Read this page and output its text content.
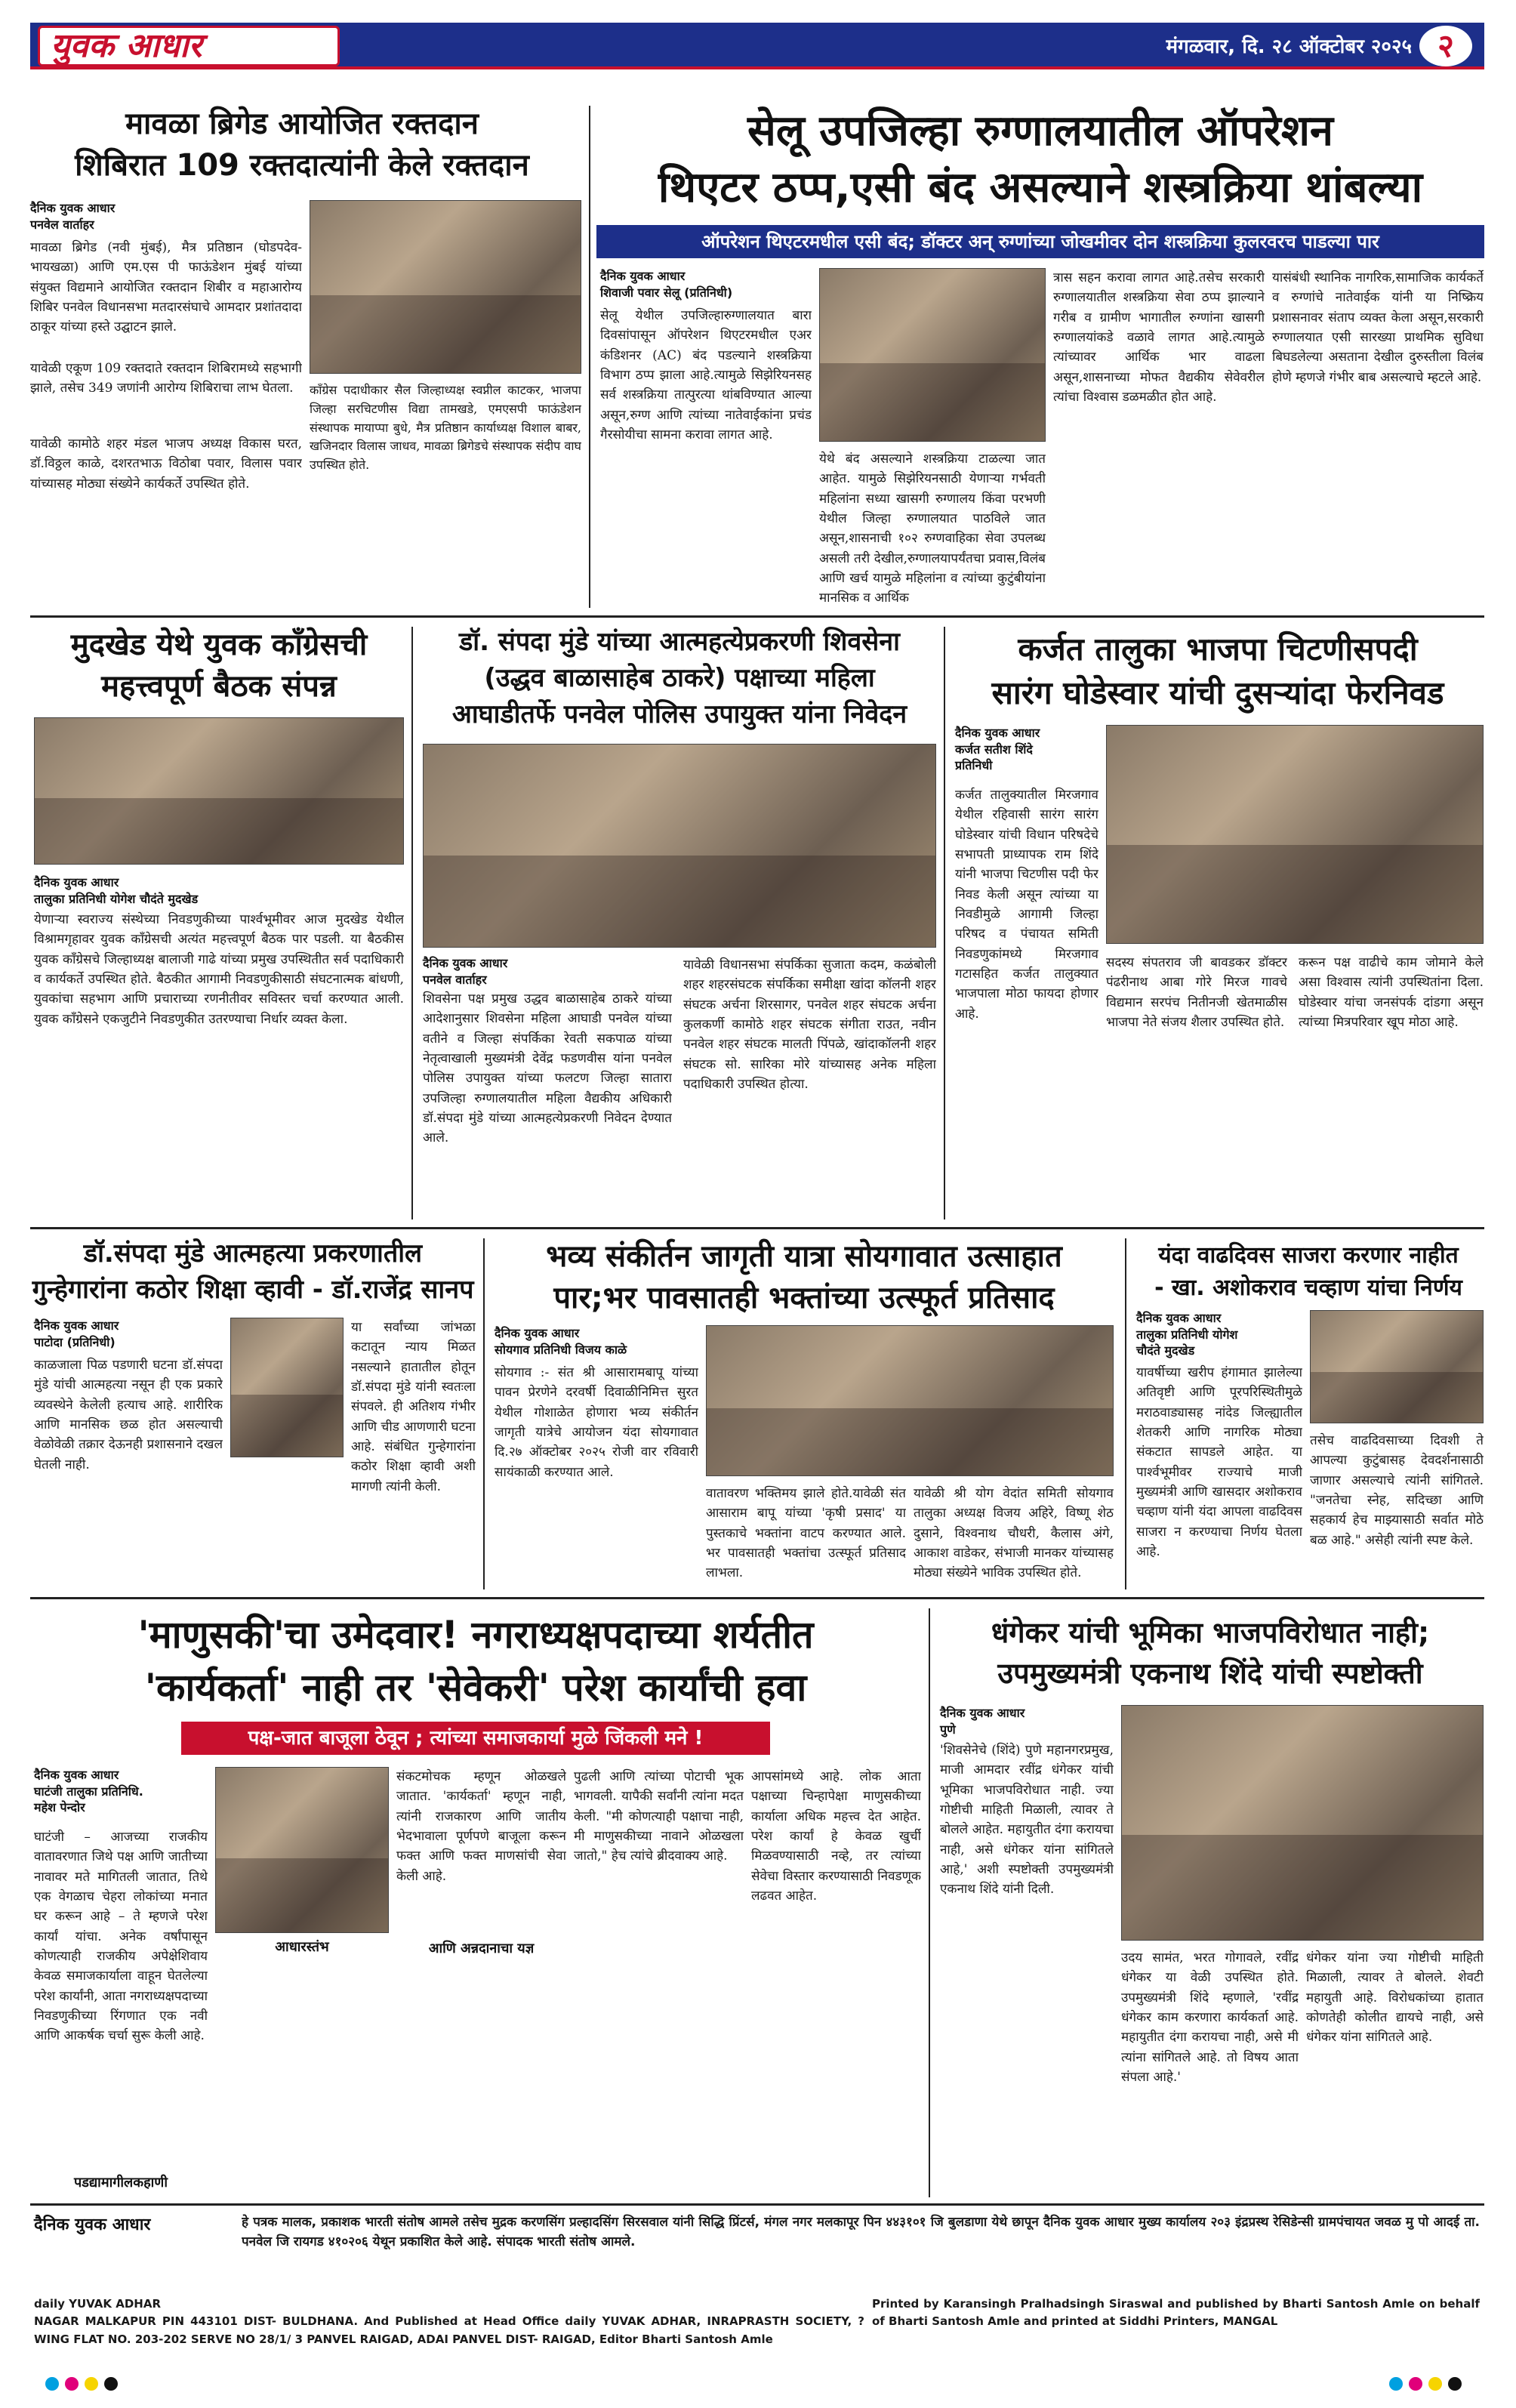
युवक आधार	मंगळवार, दि. २८ ऑक्टोबर २०२५ २
मावळा ब्रिगेड आयोजित रक्तदान
शिबिरात 109 रक्तदात्यांनी केले रक्तदान
दैनिक युवक आधार
पनवेल वार्ताहर
मावळा ब्रिगेड (नवी मुंबई), मैत्र प्रतिष्ठान (घोडपदेव-भायखळा) आणि एम.एस पी फाऊंडेशन मुंबई यांच्या संयुक्त विद्यमाने आयोजित रक्तदान शिबीर व महाआरोग्य शिबिर पनवेल विधानसभा मतदारसंघाचे आमदार प्रशांतदादा ठाकूर यांच्या हस्ते उद्घाटन झाले.
यावेळी एकूण 109 रक्तदाते रक्तदान शिबिरामध्ये सहभागी झाले, तसेच 349 जणांनी आरोग्य शिबिराचा लाभ घेतला.
यावेळी कामोठे शहर मंडल भाजप अध्यक्ष विकास घरत, डॉ.विठ्ठल काळे, दशरतभाऊ विठोबा पवार, विलास पवार यांच्यासह मोठ्या संख्येने कार्यकर्ते उपस्थित होते.
कॉंग्रेस पदाधीकार सैल जिल्हाध्यक्ष स्वप्नील काटकर, भाजपा जिल्हा सरचिटणीस विद्या तामखडे, एमएसपी फाऊंडेशन संस्थापक मायाप्पा बुधे, मैत्र प्रतिष्ठान कार्याध्यक्ष विशाल बाबर, खजिनदार विलास जाधव, मावळा ब्रिगेडचे संस्थापक संदीप वाघ उपस्थित होते.
सेलू उपजिल्हा रुग्णालयातील ऑपरेशन
थिएटर ठप्प,एसी बंद असल्याने शस्त्रक्रिया थांबल्या
ऑपरेशन थिएटरमधील एसी बंद; डॉक्टर अन् रुग्णांच्या जोखमीवर दोन शस्त्रक्रिया कुलरवरच पाडल्या पार
दैनिक युवक आधार
शिवाजी पवार सेलू (प्रतिनिधी)
सेलू येथील उपजिल्हारुग्णालयात बारा दिवसांपासून ऑपरेशन थिएटरमधील एअर कंडिशनर (AC) बंद पडल्याने शस्त्रक्रिया विभाग ठप्प झाला आहे.त्यामुळे सिझेरियनसह सर्व शस्त्रक्रिया तात्पुरत्या थांबविण्यात आल्या असून,रुग्ण आणि त्यांच्या नातेवाईकांना प्रचंड गैरसोयीचा सामना करावा लागत आहे.
येथे बंद असल्याने शस्त्रक्रिया टाळल्या जात आहेत. यामुळे सिझेरियनसाठी येणाऱ्या गर्भवती महिलांना सध्या खासगी रुग्णालय किंवा परभणी येथील जिल्हा रुग्णालयात पाठविले जात असून,शासनाची १०२ रुग्णवाहिका सेवा उपलब्ध असली तरी देखील,रुग्णालयापर्यंतचा प्रवास,विलंब आणि खर्च यामुळे महिलांना व त्यांच्या कुटुंबीयांना मानसिक व आर्थिक
त्रास सहन करावा लागत आहे.तसेच सरकारी रुग्णालयातील शस्त्रक्रिया सेवा ठप्प झाल्याने गरीब व ग्रामीण भागातील रुग्णांना खासगी रुग्णालयांकडे वळावे लागत आहे.त्यामुळे त्यांच्यावर आर्थिक भार वाढला असून,शासनाच्या मोफत वैद्यकीय सेवेवरील त्यांचा विश्वास डळमळीत होत आहे.
यासंबंधी स्थानिक नागरिक,सामाजिक कार्यकर्ते व रुग्णांचे नातेवाईक यांनी या निष्क्रिय प्रशासनावर संताप व्यक्त केला असून,सरकारी रुग्णालयात एसी सारख्या प्राथमिक सुविधा बिघडलेल्या असताना देखील दुरुस्तीला विलंब होणे म्हणजे गंभीर बाब असल्याचे म्हटले आहे.
मुदखेड येथे युवक कॉंग्रेसची
महत्त्वपूर्ण बैठक संपन्न
दैनिक युवक आधार
तालुका प्रतिनिधी योगेश चौदंते मुदखेड
येणाऱ्या स्वराज्य संस्थेच्या निवडणुकीच्या पार्श्वभूमीवर आज मुदखेड येथील विश्रामगृहावर युवक कॉंग्रेसची अत्यंत महत्त्वपूर्ण बैठक पार पडली. या बैठकीस युवक कॉंग्रेसचे जिल्हाध्यक्ष बालाजी गाढे यांच्या प्रमुख उपस्थितीत सर्व पदाधिकारी व कार्यकर्ते उपस्थित होते. बैठकीत आगामी निवडणुकीसाठी संघटनात्मक बांधणी, युवकांचा सहभाग आणि प्रचाराच्या रणनीतीवर सविस्तर चर्चा करण्यात आली. युवक कॉंग्रेसने एकजुटीने निवडणुकीत उतरण्याचा निर्धार व्यक्त केला.
डॉ. संपदा मुंडे यांच्या आत्महत्येप्रकरणी शिवसेना
(उद्धव बाळासाहेब ठाकरे) पक्षाच्या महिला
आघाडीतर्फे पनवेल पोलिस उपायुक्त यांना निवेदन
दैनिक युवक आधार
पनवेल वार्ताहर
शिवसेना पक्ष प्रमुख उद्धव बाळासाहेब ठाकरे यांच्या आदेशानुसार शिवसेना महिला आघाडी पनवेल यांच्या वतीने व जिल्हा संपर्किका रेवती सकपाळ यांच्या नेतृत्वाखाली मुख्यमंत्री देवेंद्र फडणवीस यांना पनवेल पोलिस उपायुक्त यांच्या फलटण जिल्हा सातारा उपजिल्हा रुग्णालयातील महिला वैद्यकीय अधिकारी डॉ.संपदा मुंडे यांच्या आत्महत्येप्रकरणी निवेदन देण्यात आले.
यावेळी विधानसभा संपर्किका सुजाता कदम, कळंबोली शहर शहरसंघटक संपर्किका समीक्षा खांदा कॉलनी शहर संघटक अर्चना शिरसागर, पनवेल शहर संघटक अर्चना कुलकर्णी कामोठे शहर संघटक संगीता राउत, नवीन पनवेल शहर संघटक मालती पिंपळे, खांदाकॉलनी शहर संघटक सो. सारिका मोरे यांच्यासह अनेक महिला पदाधिकारी उपस्थित होत्या.
कर्जत तालुका भाजपा चिटणीसपदी
सारंग घोडेस्वार यांची दुसऱ्यांदा फेरनिवड
दैनिक युवक आधार
कर्जत सतीश शिंदे
प्रतिनिधी
कर्जत तालुक्यातील मिरजगाव येथील रहिवासी सारंग सारंग घोडेस्वार यांची विधान परिषदेचे सभापती प्राध्यापक राम शिंदे यांनी भाजपा चिटणीस पदी फेर निवड केली असून त्यांच्या या निवडीमुळे आगामी जिल्हा परिषद व पंचायत समिती निवडणुकांमध्ये मिरजगाव गटासहित कर्जत तालुक्यात भाजपाला मोठा फायदा होणार आहे.
सदस्य संपतराव जी बावडकर डॉक्टर पंढरीनाथ आबा गोरे मिरज गावचे विद्यमान सरपंच नितीनजी खेतमाळीस भाजपा नेते संजय शैलार उपस्थित होते.
करून पक्ष वाढीचे काम जोमाने केले असा विश्वास त्यांनी उपस्थितांना दिला. घोडेस्वार यांचा जनसंपर्क दांडगा असून त्यांच्या मित्रपरिवार खूप मोठा आहे.
डॉ.संपदा मुंडे आत्महत्या प्रकरणातील
गुन्हेगारांना कठोर शिक्षा व्हावी - डॉ.राजेंद्र सानप
दैनिक युवक आधार
पाटोदा (प्रतिनिधी)
काळजाला पिळ पडणारी घटना डॉ.संपदा मुंडे यांची आत्महत्या नसून ही एक प्रकारे व्यवस्थेने केलेली हत्याच आहे. शारीरिक आणि मानसिक छळ होत असल्याची वेळोवेळी तक्रार देऊनही प्रशासनाने दखल घेतली नाही.
या सर्वांच्या जांभळा कटातून न्याय मिळत नसल्याने हातातील होतून डॉ.संपदा मुंडे यांनी स्वतःला संपवले. ही अतिशय गंभीर आणि चीड आणणारी घटना आहे. संबंधित गुन्हेगारांना कठोर शिक्षा व्हावी अशी मागणी त्यांनी केली.
भव्य संकीर्तन जागृती यात्रा सोयगावात उत्साहात
पार;भर पावसातही भक्तांच्या उत्स्फूर्त प्रतिसाद
दैनिक युवक आधार
सोयगाव प्रतिनिधी विजय काळे
सोयगाव :- संत श्री आसारामबापू यांच्या पावन प्रेरणेने दरवर्षी दिवाळीनिमित्त सुरत येथील गोशाळेत होणारा भव्य संकीर्तन जागृती यात्रेचे आयोजन यंदा सोयगावात दि.२७ ऑक्टोबर २०२५ रोजी वार रविवारी सायंकाळी करण्यात आले.
वातावरण भक्तिमय झाले होते.यावेळी संत आसाराम बापू यांच्या 'कृषी प्रसाद' या पुस्तकाचे भक्तांना वाटप करण्यात आले. भर पावसातही भक्तांचा उत्स्फूर्त प्रतिसाद लाभला.
यावेळी श्री योग वेदांत समिती सोयगाव तालुका अध्यक्ष विजय अहिरे, विष्णू शेठ दुसाने, विश्वनाथ चौधरी, कैलास अंगे, आकाश वाडेकर, संभाजी मानकर यांच्यासह मोठ्या संख्येने भाविक उपस्थित होते.
यंदा वाढदिवस साजरा करणार नाहीत
- खा. अशोकराव चव्हाण यांचा निर्णय
दैनिक युवक आधार
तालुका प्रतिनिधी योगेश
चौदंते मुदखेड
यावर्षीच्या खरीप हंगामात झालेल्या अतिवृष्टी आणि पूरपरिस्थितीमुळे मराठवाड्यासह नांदेड जिल्ह्यातील शेतकरी आणि नागरिक मोठ्या संकटात सापडले आहेत. या पार्श्वभूमीवर राज्याचे माजी मुख्यमंत्री आणि खासदार अशोकराव चव्हाण यांनी यंदा आपला वाढदिवस साजरा न करण्याचा निर्णय घेतला आहे.
तसेच वाढदिवसाच्या दिवशी ते आपल्या कुटुंबासह देवदर्शनासाठी जाणार असल्याचे त्यांनी सांगितले. "जनतेचा स्नेह, सदिच्छा आणि सहकार्य हेच माझ्यासाठी सर्वात मोठे बळ आहे." असेही त्यांनी स्पष्ट केले.
'माणुसकी'चा उमेदवार! नगराध्यक्षपदाच्या शर्यतीत
'कार्यकर्ता' नाही तर 'सेवेकरी' परेश कार्यांची हवा
पक्ष-जात बाजूला ठेवून ; त्यांच्या समाजकार्या मुळे जिंकली मने !
दैनिक युवक आधार
घाटंजी तालुका प्रतिनिधि.
महेश पेन्दोर
घाटंजी – आजच्या राजकीय वातावरणात जिथे पक्ष आणि जातीच्या नावावर मते मागितली जातात, तिथे एक वेगळाच चेहरा लोकांच्या मनात घर करून आहे – ते म्हणजे परेश कार्यां यांचा. अनेक वर्षांपासून कोणत्याही राजकीय अपेक्षेशिवाय केवळ समाजकार्याला वाहून घेतलेल्या परेश कार्यांनी, आता नगराध्यक्षपदाच्या निवडणुकीच्या रिंगणात एक नवी आणि आकर्षक चर्चा सुरू केली आहे.
आधारस्तंभ
संकटमोचक म्हणून ओळखले जातात. 'कार्यकर्ता' म्हणून नाही, त्यांनी राजकारण आणि जातीय भेदभावाला पूर्णपणे बाजूला करून फक्त आणि फक्त माणसांची सेवा केली आहे.
आणि अन्नदानाचा यज्ञ
पुढली आणि त्यांच्या पोटाची भूक भागवली. यापैकी सर्वांनी त्यांना मदत केली. "मी कोणत्याही पक्षाचा नाही, मी माणुसकीच्या नावाने ओळखला जातो," हेच त्यांचे ब्रीदवाक्य आहे.
आपसांमध्ये आहे. लोक आता पक्षाच्या चिन्हापेक्षा माणुसकीच्या कार्याला अधिक महत्त्व देत आहेत. परेश कार्यां हे केवळ खुर्ची मिळवण्यासाठी नव्हे, तर त्यांच्या सेवेचा विस्तार करण्यासाठी निवडणूक लढवत आहेत.
पडद्यामागीलकहाणी
धंगेकर यांची भूमिका भाजपविरोधात नाही;
उपमुख्यमंत्री एकनाथ शिंदे यांची स्पष्टोक्ती
दैनिक युवक आधार
पुणे
'शिवसेनेचे (शिंदे) पुणे महानगरप्रमुख, माजी आमदार रवींद्र धंगेकर यांची भूमिका भाजपविरोधात नाही. ज्या गोष्टीची माहिती मिळाली, त्यावर ते बोलले आहेत. महायुतीत दंगा करायचा नाही, असे धंगेकर यांना सांगितले आहे,' अशी स्पष्टोक्ती उपमुख्यमंत्री एकनाथ शिंदे यांनी दिली.
उदय सामंत, भरत गोगावले, रवींद्र धंगेकर या वेळी उपस्थित होते. उपमुख्यमंत्री शिंदे म्हणाले, 'रवींद्र धंगेकर काम करणारा कार्यकर्ता आहे. महायुतीत दंगा करायचा नाही, असे मी त्यांना सांगितले आहे. तो विषय आता संपला आहे.'
धंगेकर यांना ज्या गोष्टीची माहिती मिळाली, त्यावर ते बोलले. शेवटी महायुती आहे. विरोधकांच्या हातात कोणतेही कोलीत द्यायचे नाही, असे धंगेकर यांना सांगितले आहे.
दैनिक युवक आधार	हे पत्रक मालक, प्रकाशक भारती संतोष आमले तसेच मुद्रक करणसिंग प्रल्हादसिंग सिरसवाल यांनी सिद्धि प्रिंटर्स, मंगल नगर मलकापूर पिन ४४३१०१ जि बुलडाणा येथे छापून दैनिक युवक आधार मुख्य कार्यालय २०३ इंद्रप्रस्थ रेसिडेन्सी ग्रामपंचायत जवळ मु पो आदई ता. पनवेल जि रायगड ४१०२०६ येथून प्रकाशित केले आहे. संपादक भारती संतोष आमले.
daily YUVAK ADHAR
NAGAR MALKAPUR PIN 443101 DIST- BULDHANA. And Published at Head Office daily YUVAK ADHAR, INRAPRASTH SOCIETY, ? WING FLAT NO. 203-202 SERVE NO 28/1/ 3 PANVEL RAIGAD, ADAI PANVEL DIST- RAIGAD, Editor Bharti Santosh Amle
Printed by Karansingh Pralhadsingh Siraswal and published by Bharti Santosh Amle on behalf of Bharti Santosh Amle and printed at Siddhi Printers, MANGAL
